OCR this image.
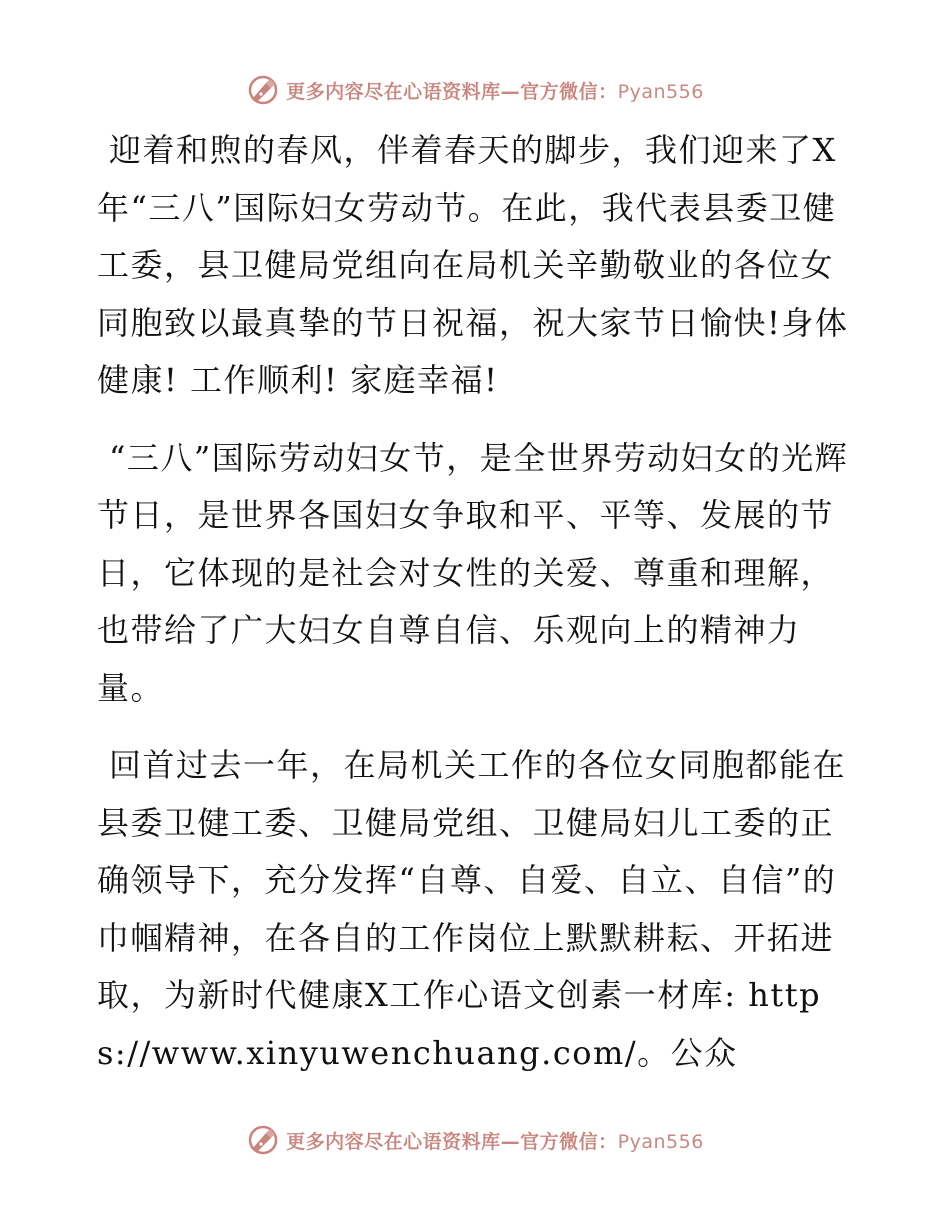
更多内容尽在心语资料库—官方微信：Pyan556

迎着和煦的春风，伴着春天的脚步，我们迎来了X年“三八”国际妇女劳动节。在此，我代表县委卫健工委，县卫健局党组向在局机关辛勤敬业的各位女同胞致以最真挚的节日祝福，祝大家节日愉快!身体健康! 工作顺利! 家庭幸福!

“三八”国际劳动妇女节，是全世界劳动妇女的光辉节日，是世界各国妇女争取和平、平等、发展的节日，它体现的是社会对女性的关爱、尊重和理解，也带给了广大妇女自尊自信、乐观向上的精神力量。

回首过去一年，在局机关工作的各位女同胞都能在县委卫健工委、卫健局党组、卫健局妇儿工委的正确领导下，充分发挥“自尊、自爱、自立、自信”的巾帼精神，在各自的工作岗位上默默耕耘、开拓进取，为新时代健康X工作心语文创素一材库: https://www.xinyuwenchuang.com/。公众

更多内容尽在心语资料库—官方微信：Pyan556
